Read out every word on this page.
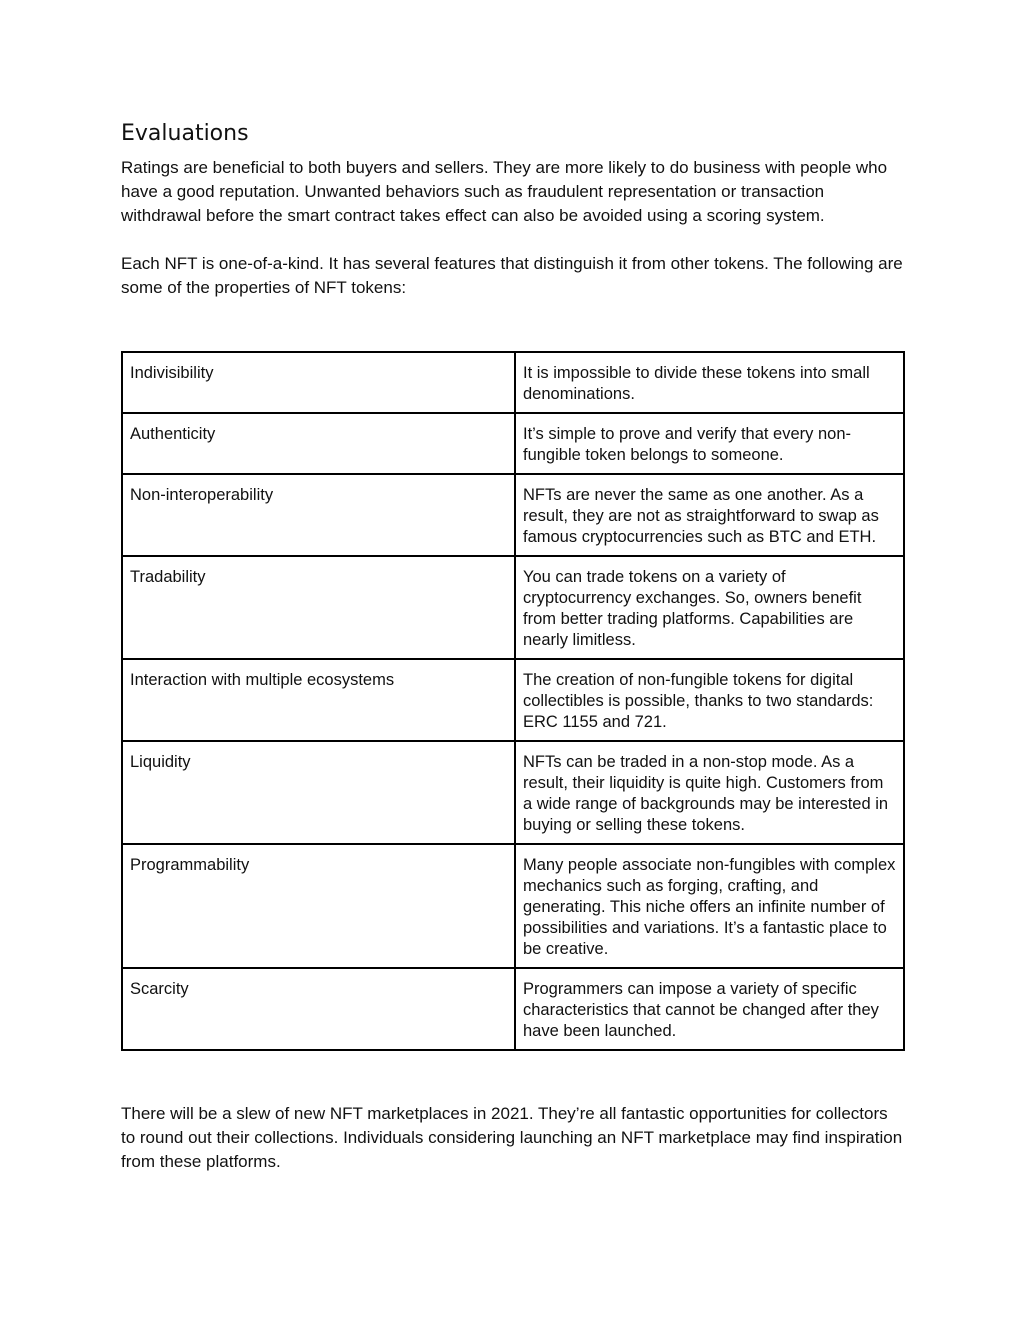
Evaluations

Ratings are beneficial to both buyers and sellers. They are more likely to do business with people who have a good reputation. Unwanted behaviors such as fraudulent representation or transaction withdrawal before the smart contract takes effect can also be avoided using a scoring system.

Each NFT is one-of-a-kind. It has several features that distinguish it from other tokens. The following are some of the properties of NFT tokens:

Indivisibility	It is impossible to divide these tokens into small denominations.
Authenticity	It’s simple to prove and verify that every non-fungible token belongs to someone.
Non-interoperability	NFTs are never the same as one another. As a result, they are not as straightforward to swap as famous cryptocurrencies such as BTC and ETH.
Tradability	You can trade tokens on a variety of cryptocurrency exchanges. So, owners benefit from better trading platforms. Capabilities are nearly limitless.
Interaction with multiple ecosystems	The creation of non-fungible tokens for digital collectibles is possible, thanks to two standards: ERC 1155 and 721.
Liquidity	NFTs can be traded in a non-stop mode. As a result, their liquidity is quite high. Customers from a wide range of backgrounds may be interested in buying or selling these tokens.
Programmability	Many people associate non-fungibles with complex mechanics such as forging, crafting, and generating. This niche offers an infinite number of possibilities and variations. It’s a fantastic place to be creative.
Scarcity	Programmers can impose a variety of specific characteristics that cannot be changed after they have been launched.

There will be a slew of new NFT marketplaces in 2021. They’re all fantastic opportunities for collectors to round out their collections. Individuals considering launching an NFT marketplace may find inspiration from these platforms.
